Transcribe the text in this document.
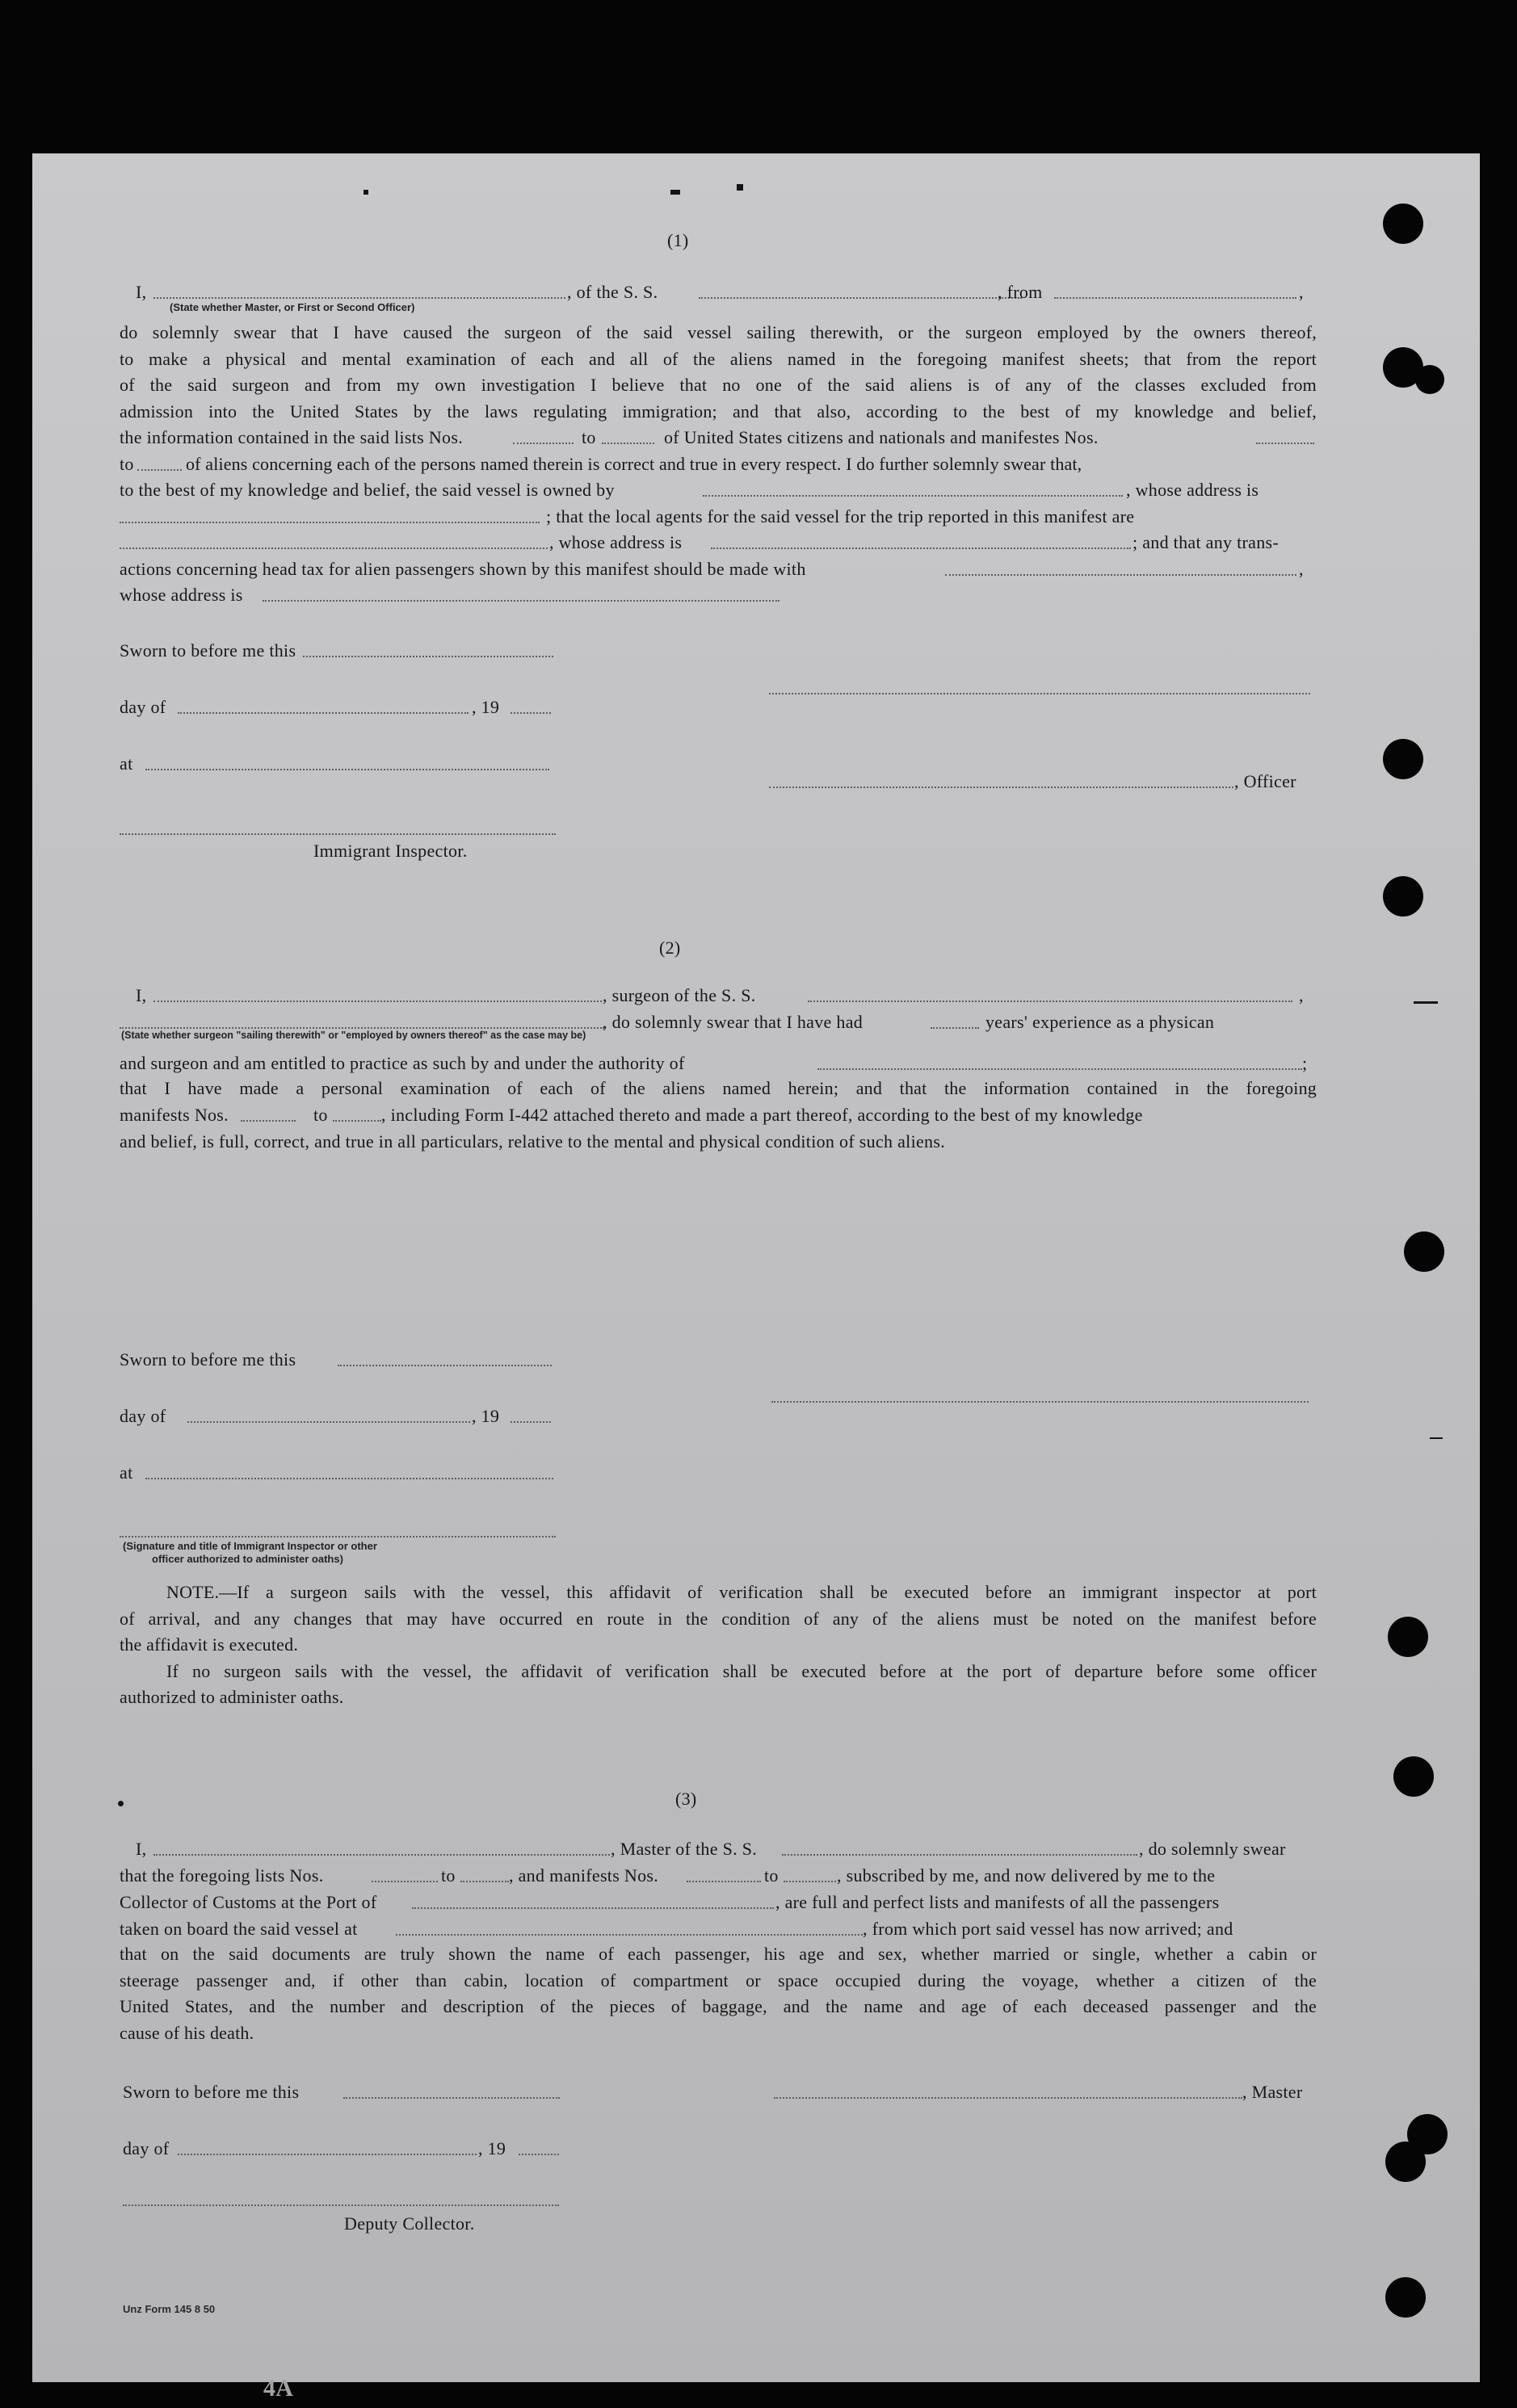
(1)
I,	, of the S. S.	, from	,
(State whether Master, or First or Second Officer)
do solemnly swear that I have caused the surgeon of the said vessel sailing therewith, or the surgeon employed by the owners thereof,
to make a physical and mental examination of each and all of the aliens named in the foregoing manifest sheets; that from the report
of the said surgeon and from my own investigation I believe that no one of the said aliens is of any of the classes excluded from
admission into the United States by the laws regulating immigration; and that also, according to the best of my knowledge and belief,
the information contained in the said lists Nos.	to	of United States citizens and nationals and manifestes Nos.
to	of aliens concerning each of the persons named therein is correct and true in every respect. I do further solemnly swear that,
to the best of my knowledge and belief, the said vessel is owned by	, whose address is
; that the local agents for the said vessel for the trip reported in this manifest are
, whose address is	; and that any trans-
actions concerning head tax for alien passengers shown by this manifest should be made with	,
whose address is
Sworn to before me this
day of	, 19
at
, Officer
Immigrant Inspector.
(2)
I,	, surgeon of the S. S.	,
, do solemnly swear that I have had	years' experience as a physican
(State whether surgeon "sailing therewith" or "employed by owners thereof" as the case may be)
and surgeon and am entitled to practice as such by and under the authority of	;
that I have made a personal examination of each of the aliens named herein; and that the information contained in the foregoing
manifests Nos.	to	, including Form I-442 attached thereto and made a part thereof, according to the best of my knowledge
and belief, is full, correct, and true in all particulars, relative to the mental and physical condition of such aliens.
Sworn to before me this
day of	, 19
at
(Signature and title of Immigrant Inspector or other
officer authorized to administer oaths)
NOTE.—If a surgeon sails with the vessel, this affidavit of verification shall be executed before an immigrant inspector at port
of arrival, and any changes that may have occurred en route in the condition of any of the aliens must be noted on the manifest before
the affidavit is executed.
If no surgeon sails with the vessel, the affidavit of verification shall be executed before at the port of departure before some officer
authorized to administer oaths.
(3)
I,	, Master of the S. S.	, do solemnly swear
that the foregoing lists Nos.	to	, and manifests Nos.	to	, subscribed by me, and now delivered by me to the
Collector of Customs at the Port of	, are full and perfect lists and manifests of all the passengers
taken on board the said vessel at	, from which port said vessel has now arrived; and
that on the said documents are truly shown the name of each passenger, his age and sex, whether married or single, whether a cabin or
steerage passenger and, if other than cabin, location of compartment or space occupied during the voyage, whether a citizen of the
United States, and the number and description of the pieces of baggage, and the name and age of each deceased passenger and the
cause of his death.
Sworn to before me this	, Master
day of	, 19
Deputy Collector.
Unz Form 145 8 50
4A
